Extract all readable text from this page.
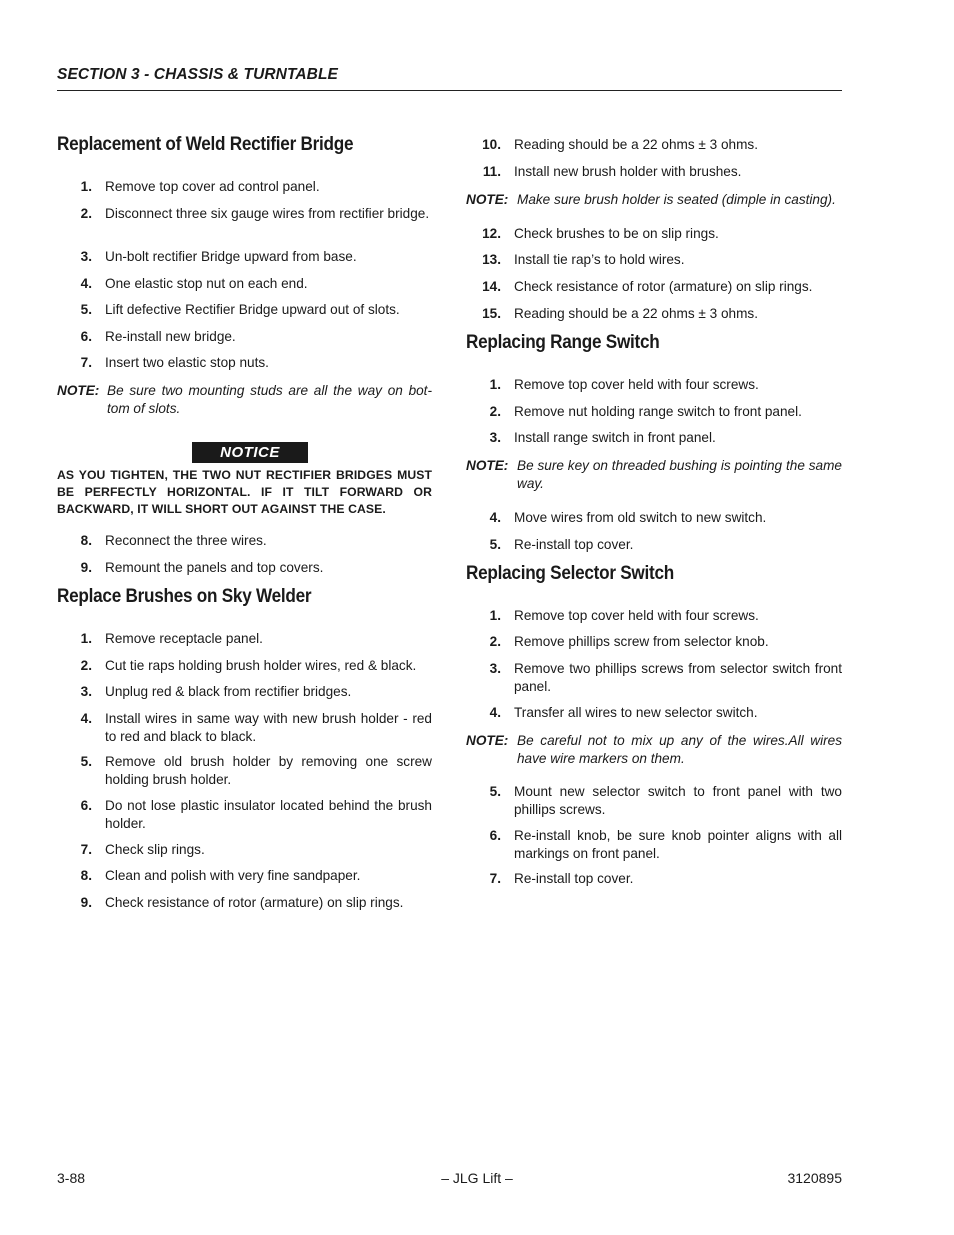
SECTION 3 - CHASSIS & TURNTABLE
Replacement of Weld Rectifier Bridge
1. Remove top cover ad control panel.
2. Disconnect three six gauge wires from rectifier bridge.
3. Un-bolt rectifier Bridge upward from base.
4. One elastic stop nut on each end.
5. Lift defective Rectifier Bridge upward out of slots.
6. Re-install new bridge.
7. Insert two elastic stop nuts.
NOTE: Be sure two mounting studs are all the way on bot-tom of slots.
NOTICE
AS YOU TIGHTEN, THE TWO NUT RECTIFIER BRIDGES MUST BE PERFECTLY HORIZONTAL. IF IT TILT FORWARD OR BACKWARD, IT WILL SHORT OUT AGAINST THE CASE.
8. Reconnect the three wires.
9. Remount the panels and top covers.
Replace Brushes on Sky Welder
1. Remove receptacle panel.
2. Cut tie raps holding brush holder wires, red & black.
3. Unplug red & black from rectifier bridges.
4. Install wires in same way with new brush holder - red to red and black to black.
5. Remove old brush holder by removing one screw holding brush holder.
6. Do not lose plastic insulator located behind the brush holder.
7. Check slip rings.
8. Clean and polish with very fine sandpaper.
9. Check resistance of rotor (armature) on slip rings.
10. Reading should be a 22 ohms ± 3 ohms.
11. Install new brush holder with brushes.
NOTE: Make sure brush holder is seated (dimple in casting).
12. Check brushes to be on slip rings.
13. Install tie rap’s to hold wires.
14. Check resistance of rotor (armature) on slip rings.
15. Reading should be a 22 ohms ± 3 ohms.
Replacing Range Switch
1. Remove top cover held with four screws.
2. Remove nut holding range switch to front panel.
3. Install range switch in front panel.
NOTE: Be sure key on threaded bushing is pointing the same way.
4. Move wires from old switch to new switch.
5. Re-install top cover.
Replacing Selector Switch
1. Remove top cover held with four screws.
2. Remove phillips screw from selector knob.
3. Remove two phillips screws from selector switch front panel.
4. Transfer all wires to new selector switch.
NOTE: Be careful not to mix up any of the wires.All wires have wire markers on them.
5. Mount new selector switch to front panel with two phillips screws.
6. Re-install knob, be sure knob pointer aligns with all markings on front panel.
7. Re-install top cover.
3-88	– JLG Lift –	3120895
